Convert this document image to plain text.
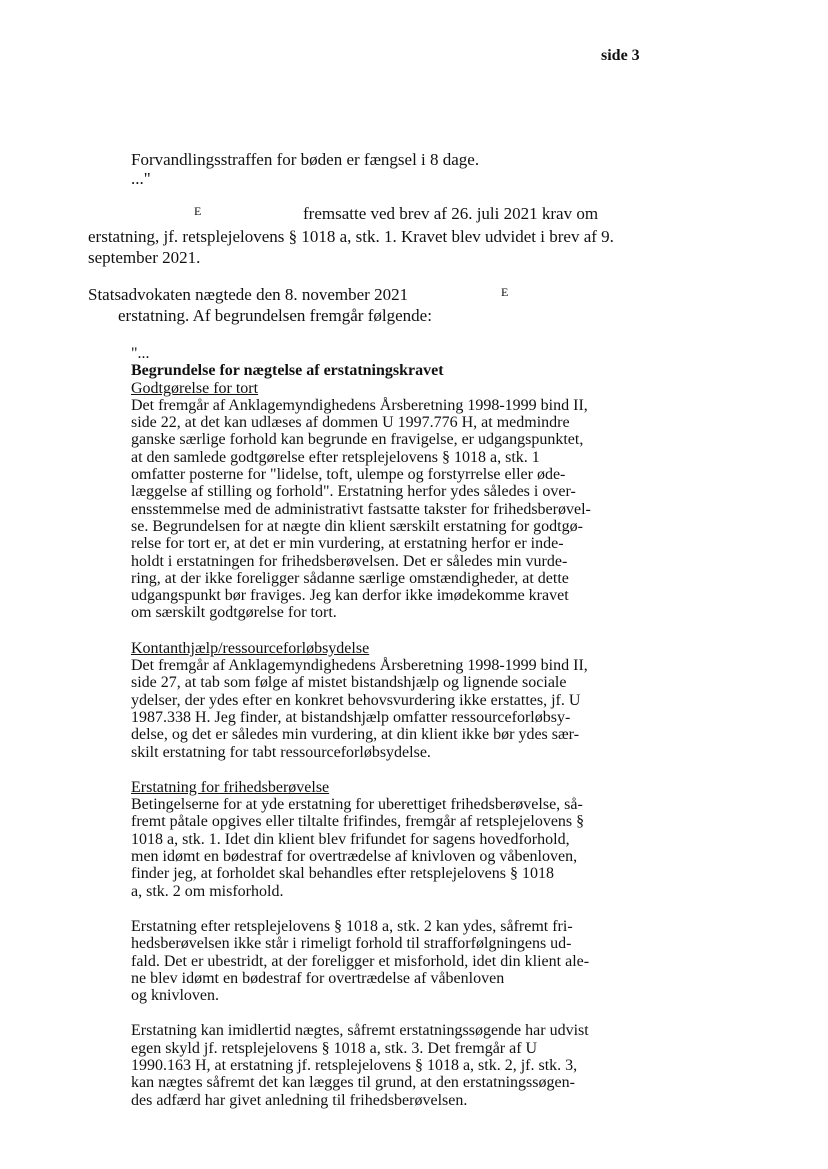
side 3
Forvandlingsstraffen for bøden er fængsel i 8 dage.
..."
E	fremsatte ved brev af 26. juli 2021 krav om
erstatning, jf. retsplejelovens § 1018 a, stk. 1. Kravet blev udvidet i brev af 9.
september 2021.
Statsadvokaten nægtede den 8. november 2021	E
erstatning. Af begrundelsen fremgår følgende:
"...
Begrundelse for nægtelse af erstatningskravet
Godtgørelse for tort
Det fremgår af Anklagemyndighedens Årsberetning 1998-1999 bind II,
side 22, at det kan udlæses af dommen U 1997.776 H, at medmindre
ganske særlige forhold kan begrunde en fravigelse, er udgangspunktet,
at den samlede godtgørelse efter retsplejelovens § 1018 a, stk. 1
omfatter posterne for "lidelse, toft, ulempe og forstyrrelse eller øde-
læggelse af stilling og forhold". Erstatning herfor ydes således i over-
ensstemmelse med de administrativt fastsatte takster for frihedsberøvel-
se. Begrundelsen for at nægte din klient særskilt erstatning for godtgø-
relse for tort er, at det er min vurdering, at erstatning herfor er inde-
holdt i erstatningen for frihedsberøvelsen. Det er således min vurde-
ring, at der ikke foreligger sådanne særlige omstændigheder, at dette
udgangspunkt bør fraviges. Jeg kan derfor ikke imødekomme kravet
om særskilt godtgørelse for tort.
Kontanthjælp/ressourceforløbsydelse
Det fremgår af Anklagemyndighedens Årsberetning 1998-1999 bind II,
side 27, at tab som følge af mistet bistandshjælp og lignende sociale
ydelser, der ydes efter en konkret behovsvurdering ikke erstattes, jf. U
1987.338 H. Jeg finder, at bistandshjælp omfatter ressourceforløbsy-
delse, og det er således min vurdering, at din klient ikke bør ydes sær-
skilt erstatning for tabt ressourceforløbsydelse.
Erstatning for frihedsberøvelse
Betingelserne for at yde erstatning for uberettiget frihedsberøvelse, så-
fremt påtale opgives eller tiltalte frifindes, fremgår af retsplejelovens §
1018 a, stk. 1. Idet din klient blev frifundet for sagens hovedforhold,
men idømt en bødestraf for overtrædelse af knivloven og våbenloven,
finder jeg, at forholdet skal behandles efter retsplejelovens § 1018
a, stk. 2 om misforhold.
Erstatning efter retsplejelovens § 1018 a, stk. 2 kan ydes, såfremt fri-
hedsberøvelsen ikke står i rimeligt forhold til strafforfølgningens ud-
fald. Det er ubestridt, at der foreligger et misforhold, idet din klient ale-
ne blev idømt en bødestraf for overtrædelse af våbenloven
og knivloven.
Erstatning kan imidlertid nægtes, såfremt erstatningssøgende har udvist
egen skyld jf. retsplejelovens § 1018 a, stk. 3. Det fremgår af U
1990.163 H, at erstatning jf. retsplejelovens § 1018 a, stk. 2, jf. stk. 3,
kan nægtes såfremt det kan lægges til grund, at den erstatningssøgen-
des adfærd har givet anledning til frihedsberøvelsen.
